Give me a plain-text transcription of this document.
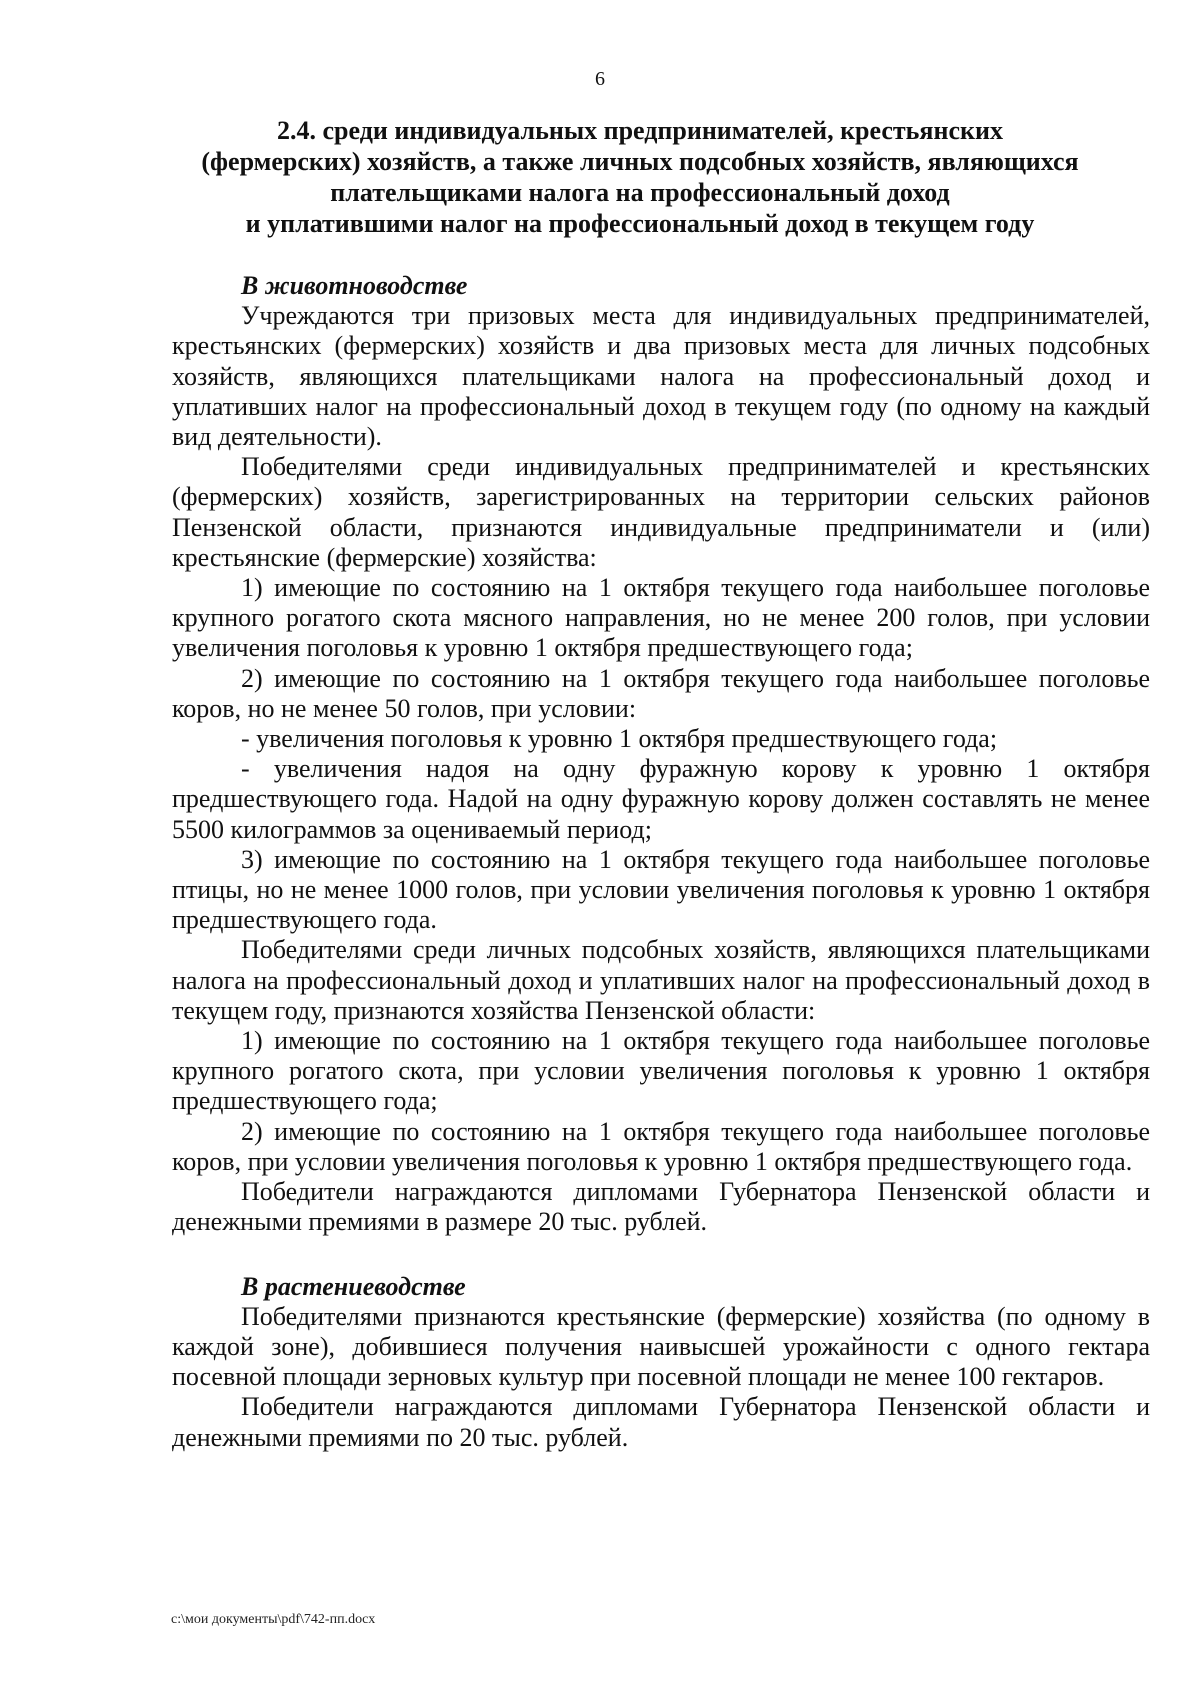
6
2.4. среди индивидуальных предпринимателей, крестьянских
(фермерских) хозяйств, а также личных подсобных хозяйств, являющихся
плательщиками налога на профессиональный доход
и уплатившими налог на профессиональный доход в текущем году

В животноводстве

Учреждаются три призовых места для индивидуальных предпринимателей, крестьянских (фермерских) хозяйств и два призовых места для личных подсобных хозяйств, являющихся плательщиками налога на профессиональный доход и уплативших налог на профессиональный доход в текущем году (по одному на каждый вид деятельности).

Победителями среди индивидуальных предпринимателей и крестьянских (фермерских) хозяйств, зарегистрированных на территории сельских районов Пензенской области, признаются индивидуальные предприниматели и (или) крестьянские (фермерские) хозяйства:

1) имеющие по состоянию на 1 октября текущего года наибольшее поголовье крупного рогатого скота мясного направления, но не менее 200 голов, при условии увеличения поголовья к уровню 1 октября предшествующего года;

2) имеющие по состоянию на 1 октября текущего года наибольшее поголовье коров, но не менее 50 голов, при условии:

- увеличения поголовья к уровню 1 октября предшествующего года;

- увеличения надоя на одну фуражную корову к уровню 1 октября предшествующего года. Надой на одну фуражную корову должен составлять не менее 5500 килограммов за оцениваемый период;

3) имеющие по состоянию на 1 октября текущего года наибольшее поголовье птицы, но не менее 1000 голов, при условии увеличения поголовья к уровню 1 октября предшествующего года.

Победителями среди личных подсобных хозяйств, являющихся плательщиками налога на профессиональный доход и уплативших налог на профессиональный доход в текущем году, признаются хозяйства Пензенской области:

1) имеющие по состоянию на 1 октября текущего года наибольшее поголовье крупного рогатого скота, при условии увеличения поголовья к уровню 1 октября предшествующего года;

2) имеющие по состоянию на 1 октября текущего года наибольшее поголовье коров, при условии увеличения поголовья к уровню 1 октября предшествующего года.

Победители награждаются дипломами Губернатора Пензенской области и денежными премиями в размере 20 тыс. рублей.

В растениеводстве

Победителями признаются крестьянские (фермерские) хозяйства (по одному в каждой зоне), добившиеся получения наивысшей урожайности с одного гектара посевной площади зерновых культур при посевной площади не менее 100 гектаров.

Победители награждаются дипломами Губернатора Пензенской области и денежными премиями по 20 тыс. рублей.

c:\мои документы\pdf\742-пп.docx
